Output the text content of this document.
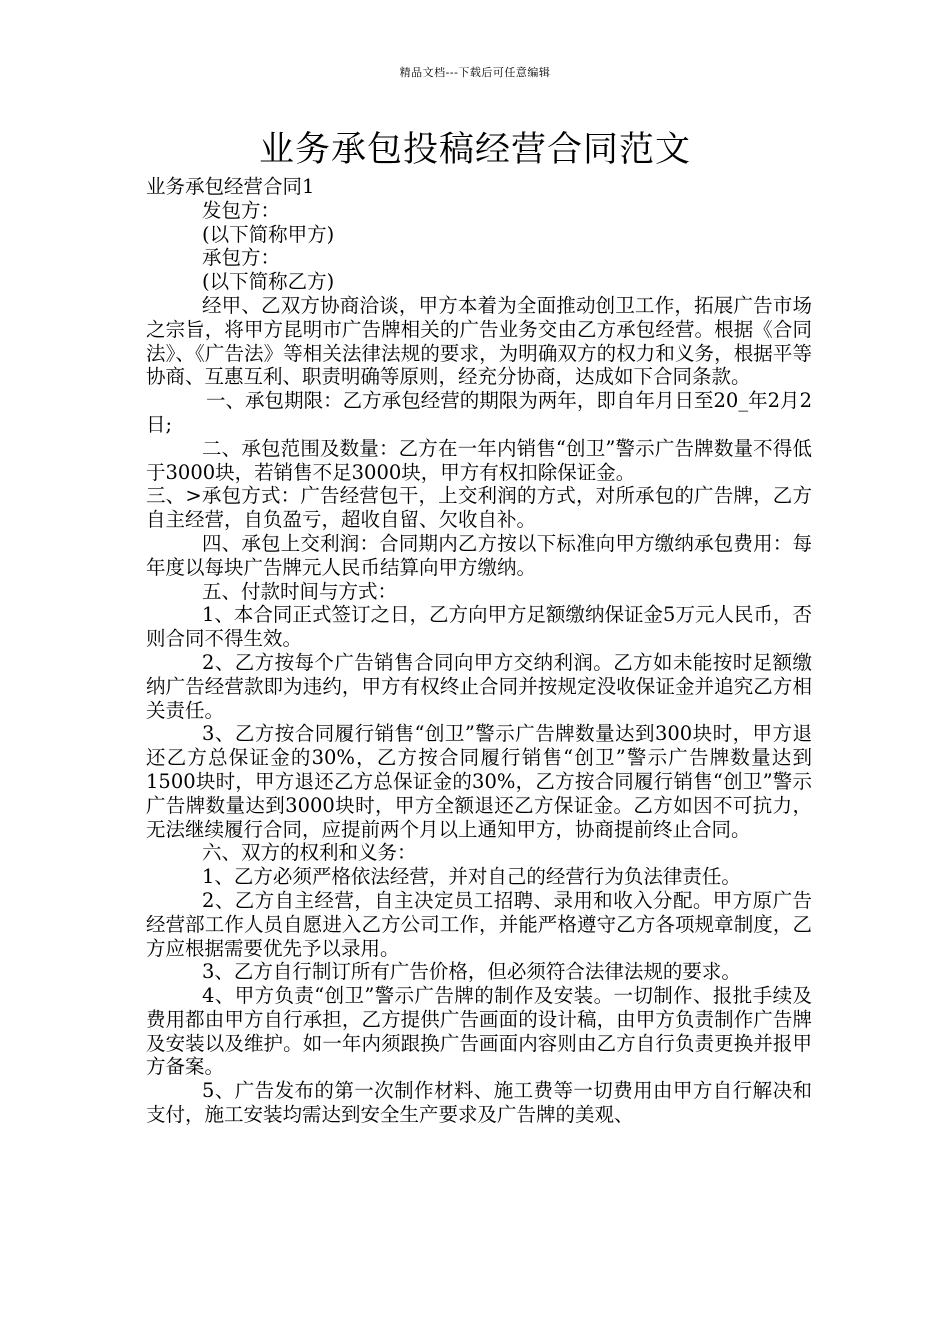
精品文档---下载后可任意编辑
业务承包投稿经营合同范文

业务承包经营合同1

发包方：

(以下简称甲方)

承包方：

(以下简称乙方)

经甲、乙双方协商洽谈，甲方本着为全面推动创卫工作，拓展广告市场之宗旨，将甲方昆明市广告牌相关的广告业务交由乙方承包经营。根据《合同法》、《广告法》等相关法律法规的要求，为明确双方的权力和义务，根据平等协商、互惠互利、职责明确等原则，经充分协商，达成如下合同条款。

一、承包期限：乙方承包经营的期限为两年，即自年月日至20_年2月2日;

二、承包范围及数量：乙方在一年内销售“创卫”警示广告牌数量不得低于3000块，若销售不足3000块，甲方有权扣除保证金。

三、>承包方式：广告经营包干，上交利润的方式，对所承包的广告牌，乙方自主经营，自负盈亏，超收自留、欠收自补。

四、承包上交利润：合同期内乙方按以下标准向甲方缴纳承包费用：每年度以每块广告牌元人民币结算向甲方缴纳。

五、付款时间与方式：

1、本合同正式签订之日，乙方向甲方足额缴纳保证金5万元人民币，否则合同不得生效。

2、乙方按每个广告销售合同向甲方交纳利润。乙方如未能按时足额缴纳广告经营款即为违约，甲方有权终止合同并按规定没收保证金并追究乙方相关责任。

3、乙方按合同履行销售“创卫”警示广告牌数量达到300块时，甲方退还乙方总保证金的30%，乙方按合同履行销售“创卫”警示广告牌数量达到1500块时，甲方退还乙方总保证金的30%，乙方按合同履行销售“创卫”警示广告牌数量达到3000块时，甲方全额退还乙方保证金。乙方如因不可抗力，无法继续履行合同，应提前两个月以上通知甲方，协商提前终止合同。

六、双方的权利和义务：

1、乙方必须严格依法经营，并对自己的经营行为负法律责任。

2、乙方自主经营，自主决定员工招聘、录用和收入分配。甲方原广告经营部工作人员自愿进入乙方公司工作，并能严格遵守乙方各项规章制度，乙方应根据需要优先予以录用。

3、乙方自行制订所有广告价格，但必须符合法律法规的要求。

4、甲方负责“创卫”警示广告牌的制作及安装。一切制作、报批手续及费用都由甲方自行承担，乙方提供广告画面的设计稿，由甲方负责制作广告牌及安装以及维护。如一年内须跟换广告画面内容则由乙方自行负责更换并报甲方备案。

5、广告发布的第一次制作材料、施工费等一切费用由甲方自行解决和支付，施工安装均需达到安全生产要求及广告牌的美观、
